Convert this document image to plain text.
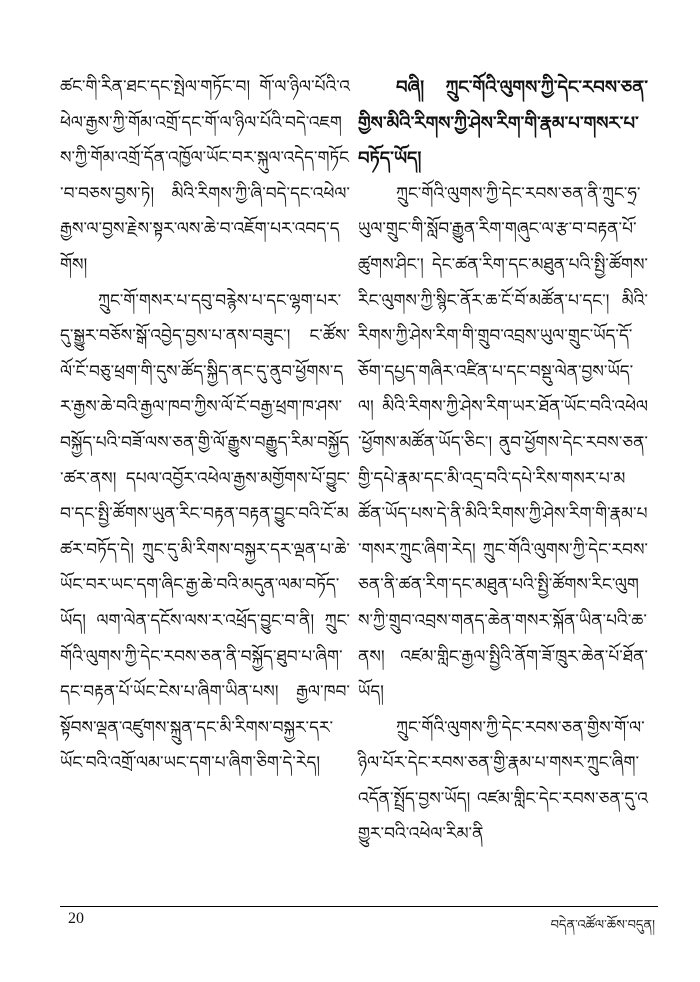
ཚང་གི་རིན་ཐང་དང་སྤེལ་གཏོང་བ། གོ་ལ་ཉིལ་པོའི་འཕེལ་རྒྱས་ཀྱི་གོམ་འགྲོ་དང་གོ་ལ་ཉིལ་པོའི་བདེ་འཇགས་ཀྱི་གོམ་འགྲོ་དོན་འཁྱོལ་ཡོང་བར་སྐུལ་འདེད་གཏོང་བ་བཅས་བྱས་ཏེ། མིའི་རིགས་ཀྱི་ཞི་བདེ་དང་འཕེལ་རྒྱས་ལ་བྱས་རྗེས་སྟར་ལས་ཆེ་བ་འཇོག་པར་འབད་དགོས།

ཀྲུང་གོ་གསར་པ་དབུ་བརྙེས་པ་དང་ལྷག་པར་དུ་སྒྱུར་བཅོས་སྒོ་འབྱེད་བྱས་པ་ནས་བཟུང་། ང་ཚོས་ལོ་ངོ་བཅུ་ཕྲག་གི་དུས་ཚོད་སྐྱིད་ནང་དུ་ནུབ་ཕྱོགས་དར་རྒྱས་ཆེ་བའི་རྒྱལ་ཁབ་ཀྱིས་ལོ་ངོ་བརྒྱ་ཕྲག་ཁ་ཤས་བསྐྱོད་པའི་བཟོ་ལས་ཅན་གྱི་ལོ་རྒྱུས་བརྒྱུད་རིམ་བསྐྱོད་ཚར་ནས། དཔལ་འབྱོར་འཕེལ་རྒྱས་མགྱོགས་པོ་བྱུང་བ་དང་སྤྱི་ཚོགས་ཡུན་རིང་བརྟན་བརྟན་བྱུང་བའི་ངོ་མཚར་བཏོད་དེ། ཀྲུང་དུ་མི་རིགས་བསྐྱར་དར་ལྡན་པ་ཆེ་ཡོང་བར་ཡང་དག་ཞིང་རྒྱ་ཆེ་བའི་མདུན་ལམ་བཏོད་ཡོད། ལག་ལེན་དངོས་ལས་ར་འཕྲོད་བྱུང་བ་ནི། ཀྲུང་གོའི་ལུགས་ཀྱི་དེང་རབས་ཅན་ནི་བསྐྱོད་ཐུབ་པ་ཞིག་དང་བརྟན་པོ་ཡོང་ངེས་པ་ཞིག་ཡིན་པས། རྒྱལ་ཁབ་སྟོབས་ལྡན་འཛུགས་སྐྲུན་དང་མི་རིགས་བསྐྱར་དར་ཡོང་བའི་འགྲོ་ལམ་ཡང་དག་པ་ཞིག་ཅིག་དེ་རེད།

བཞི། ཀྲུང་གོའི་ལུགས་ཀྱི་དེང་རབས་ཅན་གྱིས་མིའི་རིགས་ཀྱི་ཤེས་རིག་གི་རྣམ་པ་གསར་པ་བཏོད་ཡོད།

ཀྲུང་གོའི་ལུགས་ཀྱི་དེང་རབས་ཅན་ནི་ཀྲུང་ཧྲ་ཡུལ་གྲུང་གི་སློབ་རྒྱུན་རིག་གཞུང་ལ་རྩ་བ་བརྟན་པོ་ཚུགས་ཤིང་། དེང་ཚན་རིག་དང་མཐུན་པའི་སྤྱི་ཚོགས་རིང་ལུགས་ཀྱི་སྙིང་ནོར་ཆ་ངོ་བོ་མཚོན་པ་དང་། མིའི་རིགས་ཀྱི་ཤེས་རིག་གི་གྲུབ་འབྲས་ཡུལ་གྲུང་ཡོད་དོ་ཅོག་དཔྱད་གཞིར་འཛིན་པ་དང་བསྡུ་ལེན་བྱས་ཡོད་ལ། མིའི་རིགས་ཀྱི་ཤེས་རིག་ཡར་ཐོན་ཡོང་བའི་འཕེལ་ཕྱོགས་མཚོན་ཡོད་ཅིང་། ནུབ་ཕྱོགས་དེང་རབས་ཅན་གྱི་དཔེ་རྣམ་དང་མི་འདྲ་བའི་དཔེ་རིས་གསར་པ་མཚོན་ཡོད་པས་དེ་ནི་མིའི་རིགས་ཀྱི་ཤེས་རིག་གི་རྣམ་པ་གསར་ཀྲུང་ཞིག་རེད། ཀྲུང་གོའི་ལུགས་ཀྱི་དེང་རབས་ཅན་ནི་ཚན་རིག་དང་མཐུན་པའི་སྤྱི་ཚོགས་རིང་ལུགས་ཀྱི་གྲུབ་འབྲས་གནད་ཆེན་གསར་སྐོན་ཡིན་པའི་ཆ་ནས། འཛམ་གླིང་རྒྱལ་སྤྱིའི་ནོག་ཟོ་ཁྲུར་ཆེན་པོ་ཐོན་ཡོད།

ཀྲུང་གོའི་ལུགས་ཀྱི་དེང་རབས་ཅན་གྱིས་གོ་ལ་ཉིལ་པོར་དེང་རབས་ཅན་གྱི་རྣམ་པ་གསར་ཀྲུང་ཞིག་འདོན་སྤྲོད་བྱས་ཡོད། འཛམ་གླིང་དེང་རབས་ཅན་དུ་འགྱུར་བའི་འཕེལ་རིམ་ནི

20	བདེན་འཚོལ་ཆོས་བདུན།
